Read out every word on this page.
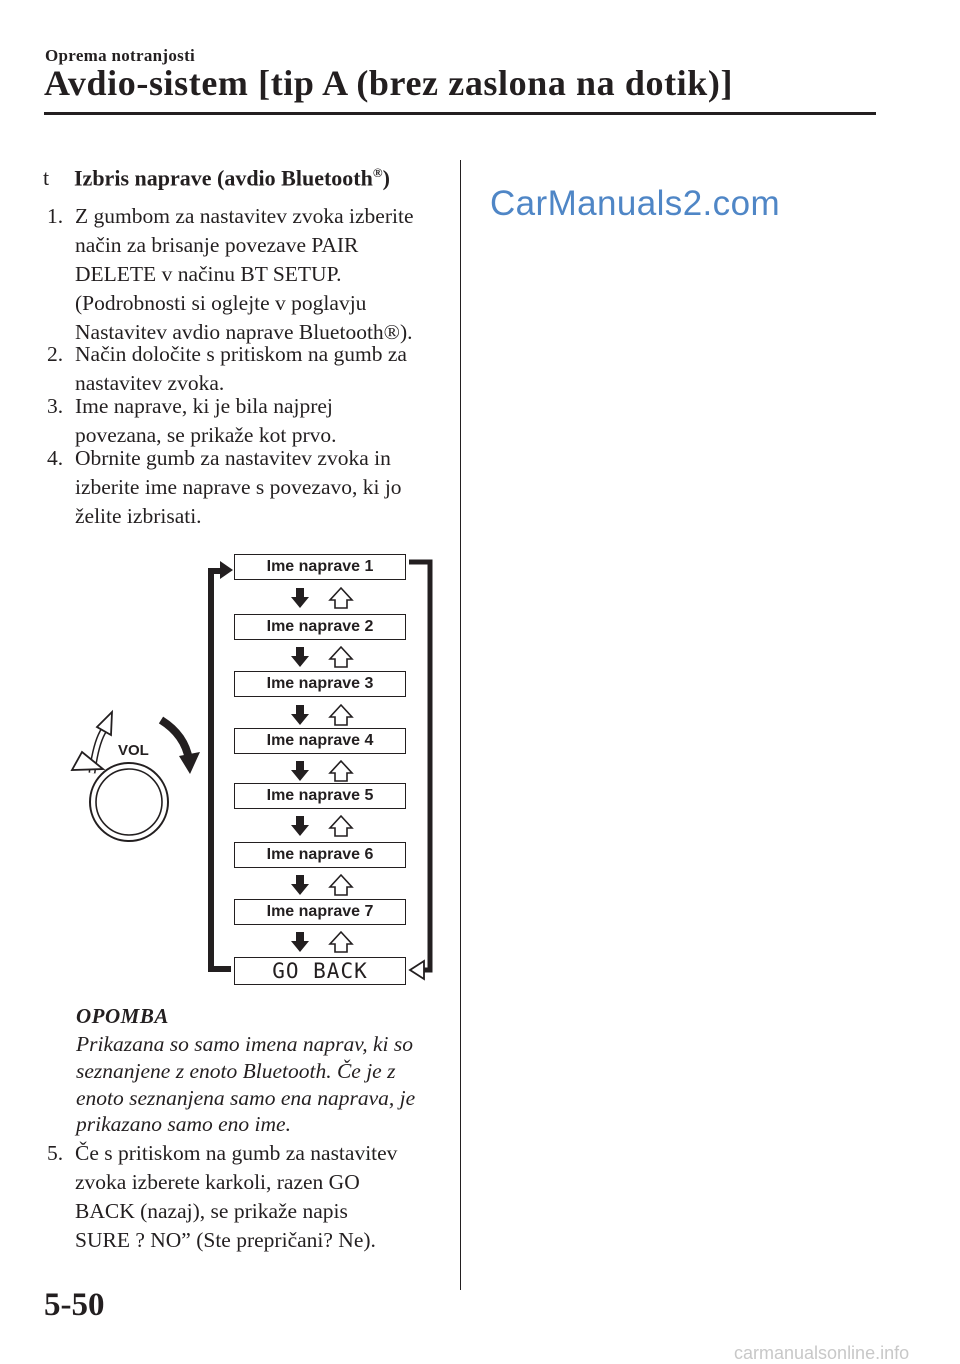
Oprema notranjosti
Avdio-sistem [tip A (brez zaslona na dotik)]
t Izbris naprave (avdio Bluetooth®)
1. Z gumbom za nastavitev zvoka izberite
način za brisanje povezave PAIR
DELETE v načinu BT SETUP.
(Podrobnosti si oglejte v poglavju
Nastavitev avdio naprave Bluetooth®).
2. Način določite s pritiskom na gumb za
nastavitev zvoka.
3. Ime naprave, ki je bila najprej
povezana, se prikaže kot prvo.
4. Obrnite gumb za nastavitev zvoka in
izberite ime naprave s povezavo, ki jo
želite izbrisati.
VOL
Ime naprave 1
Ime naprave 2
Ime naprave 3
Ime naprave 4
Ime naprave 5
Ime naprave 6
Ime naprave 7
GO BACK
OPOMBA
Prikazana so samo imena naprav, ki so
seznanjene z enoto Bluetooth. Če je z
enoto seznanjena samo ena naprava, je
prikazano samo eno ime.
5. Če s pritiskom na gumb za nastavitev
zvoka izberete karkoli, razen GO
BACK (nazaj), se prikaže napis
SURE ? NO” (Ste prepričani? Ne).
CarManuals2.com
5-50
carmanualsonline.info
